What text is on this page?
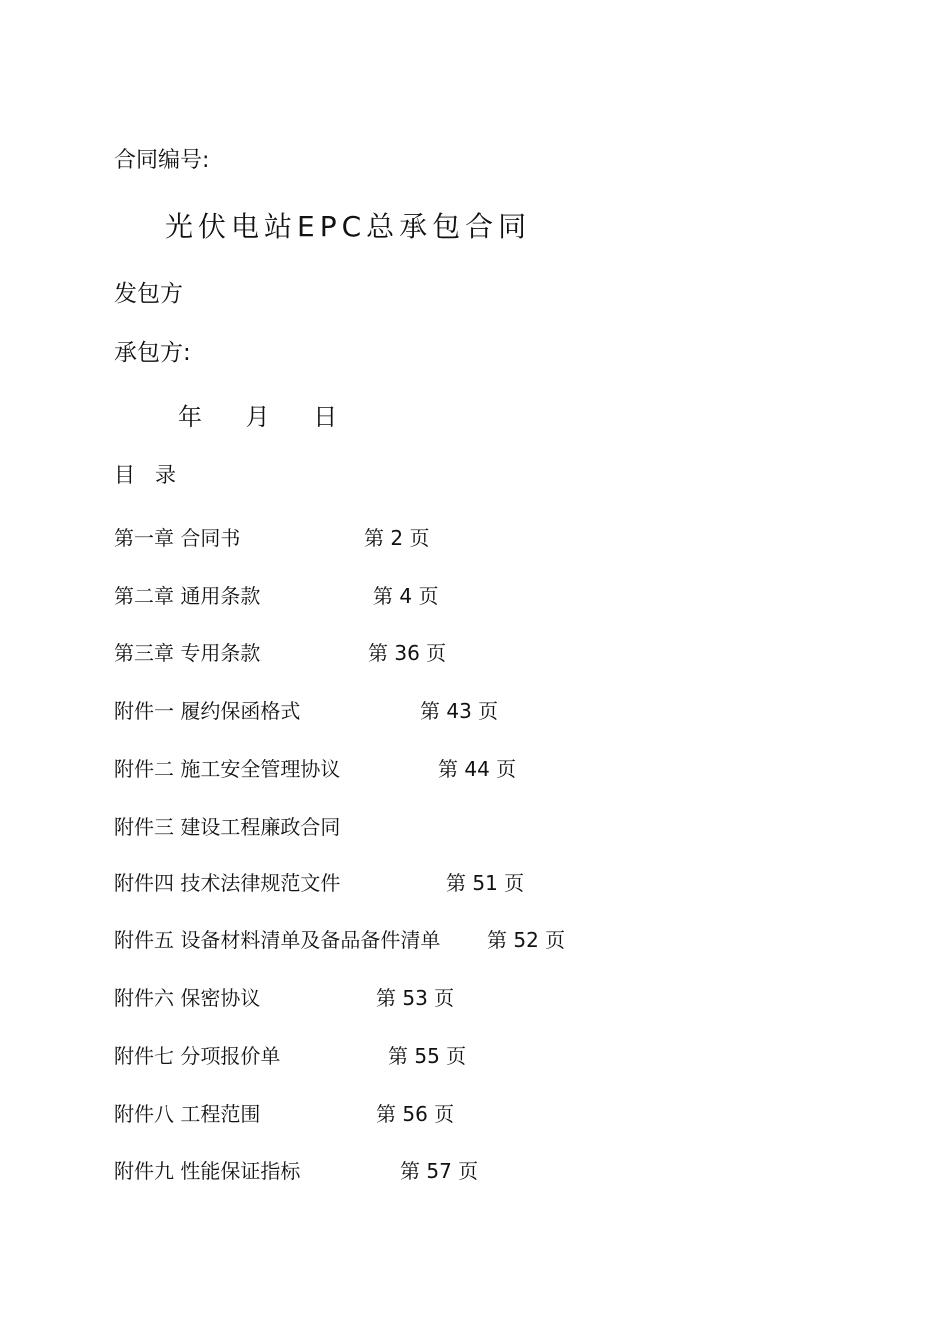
合同编号:
光伏电站EPC总承包合同
发包方
承包方:
年 月 日
目 录
第一章 合同书	第 2 页
第二章 通用条款	第 4 页
第三章 专用条款	第 36 页
附件一 履约保函格式	第 43 页
附件二 施工安全管理协议	第 44 页
附件三 建设工程廉政合同
附件四 技术法律规范文件	第 51 页
附件五 设备材料清单及备品备件清单 第 52 页
附件六 保密协议	第 53 页
附件七 分项报价单	第 55 页
附件八 工程范围	第 56 页
附件九 性能保证指标	第 57 页
